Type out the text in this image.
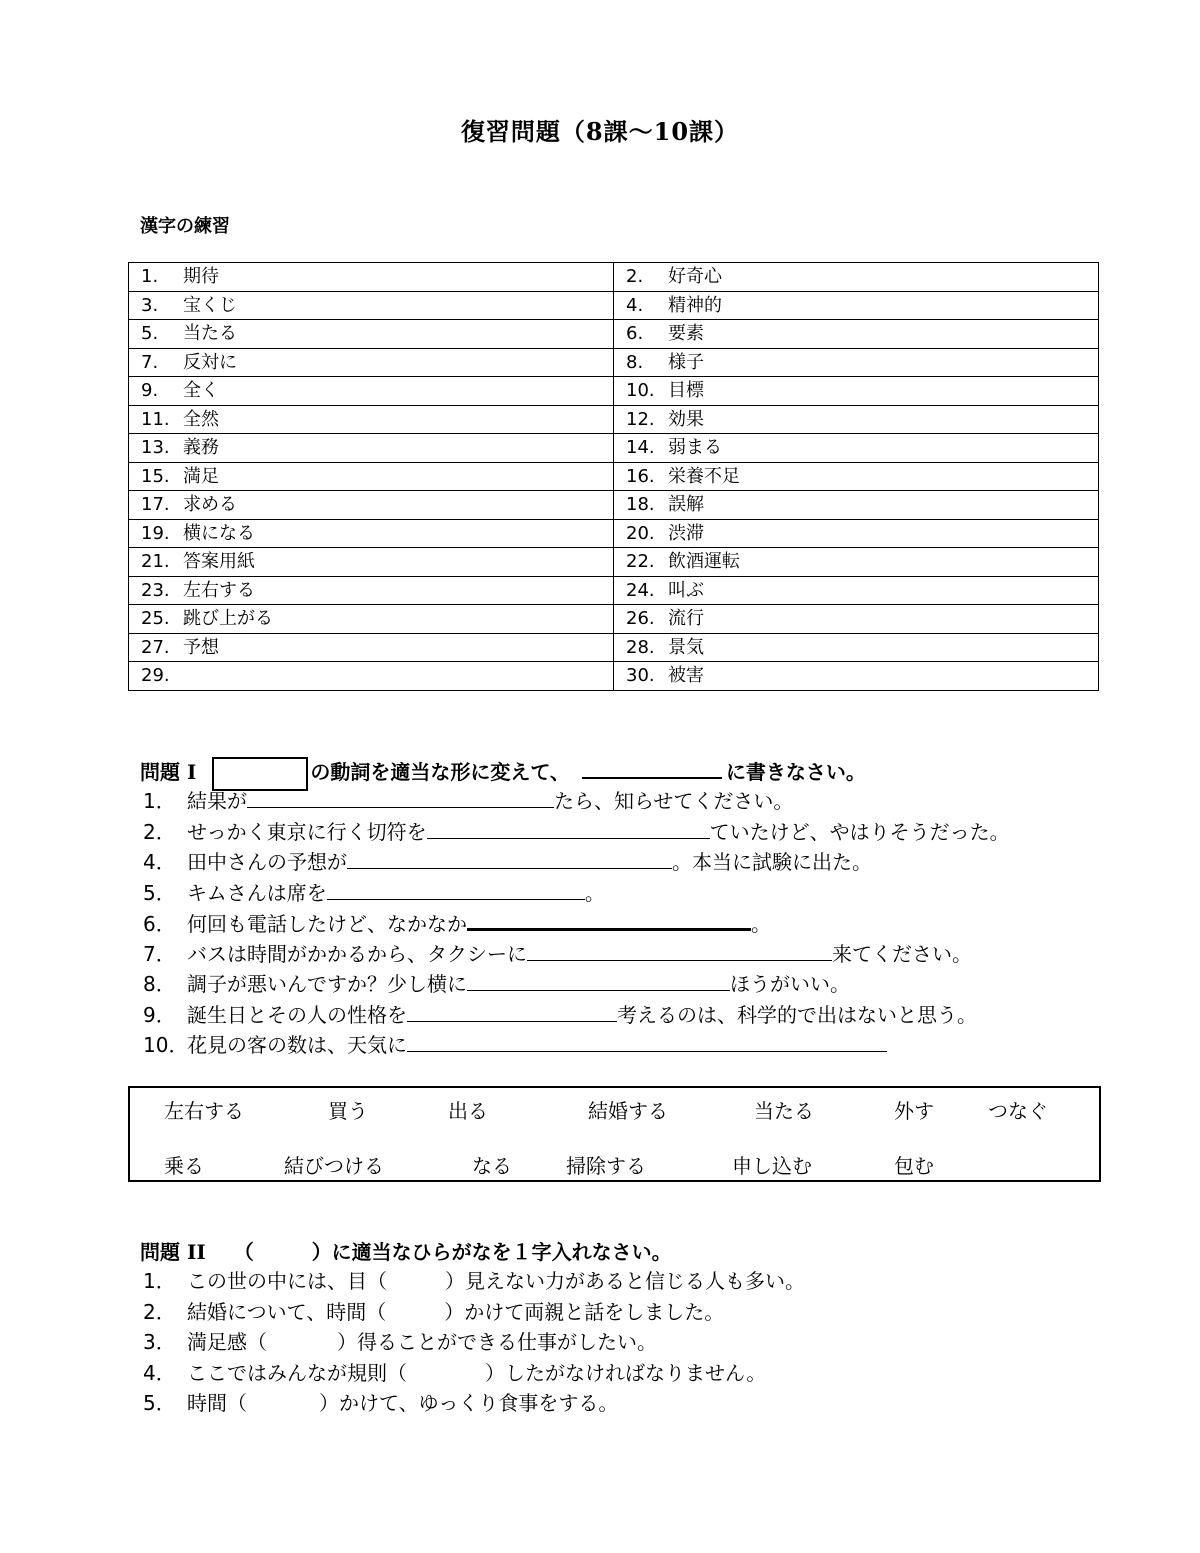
復習問題（8課〜10課）
漢字の練習
1. 期待	2. 好奇心
3. 宝くじ	4. 精神的
5. 当たる	6. 要素
7. 反対に	8. 様子
9. 全く	10. 目標
11. 全然	12. 効果
13. 義務	14. 弱まる
15. 満足	16. 栄養不足
17. 求める	18. 誤解
19. 横になる	20. 渋滞
21. 答案用紙	22. 飲酒運転
23. 左右する	24. 叫ぶ
25. 跳び上がる	26. 流行
27. 予想	28. 景気
29.	30. 被害
問題 I	の動詞を適当な形に変えて、	に書きなさい。
1． 結果が	たら、知らせてください。
2． せっかく東京に行く切符を	ていたけど、やはりそうだった。
4． 田中さんの予想が	。本当に試験に出た。
5． キムさんは席を	。
6． 何回も電話したけど、なかなか	。
7． バスは時間がかかるから、タクシーに	来てください。
8． 調子が悪いんですか？少し横に	ほうがいい。
9． 誕生日とその人の性格を	考えるのは、科学的で出はないと思う。
10．花見の客の数は、天気に
左右する	買う	出る	結婚する	当たる	外す	つなぐ
乗る	結びつける	なる	掃除する	申し込む	包む
問題 II （	）に適当なひらがなを１字入れなさい。
1． この世の中には、目（	）見えない力があると信じる人も多い。
2． 結婚について、時間（	）かけて両親と話をしました。
3． 満足感（	）得ることができる仕事がしたい。
4． ここではみんなが規則（	）したがなければなりません。
5． 時間（	）かけて、ゆっくり食事をする。
